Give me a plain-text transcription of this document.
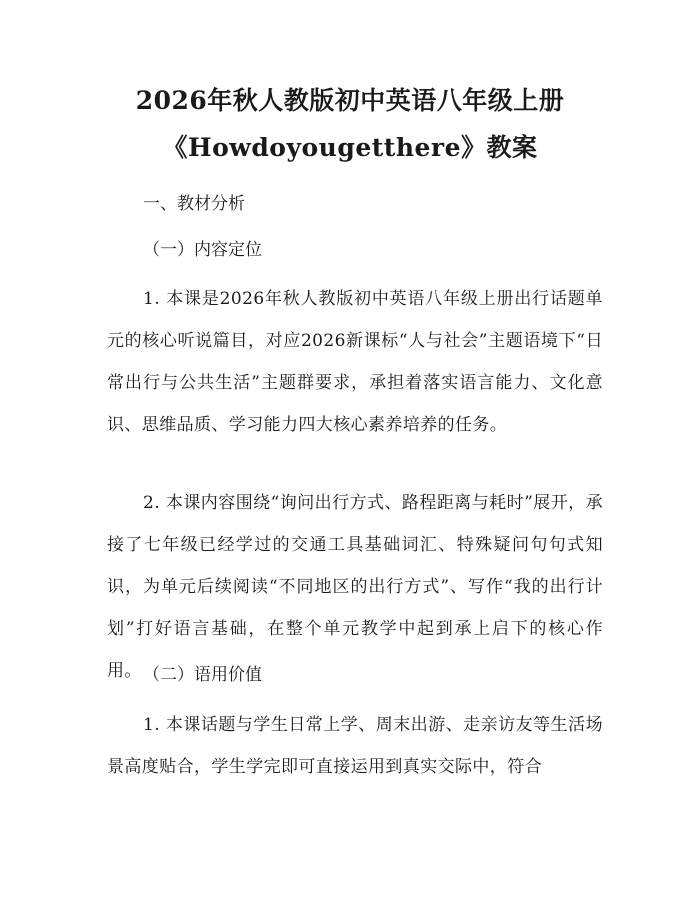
2026年秋人教版初中英语八年级上册
《Howdoyougetthere》教案
一、教材分析
（一）内容定位

1. 本课是2026年秋人教版初中英语八年级上册出行话题单元的核心听说篇目，对应2026新课标“人与社会”主题语境下“日常出行与公共生活”主题群要求，承担着落实语言能力、文化意识、思维品质、学习能力四大核心素养培养的任务。

2. 本课内容围绕“询问出行方式、路程距离与耗时”展开，承接了七年级已经学过的交通工具基础词汇、特殊疑问句句式知识，为单元后续阅读“不同地区的出行方式”、写作“我的出行计划”打好语言基础，在整个单元教学中起到承上启下的核心作用。 （二）语用价值

1. 本课话题与学生日常上学、周末出游、走亲访友等生活场景高度贴合，学生学完即可直接运用到真实交际中，符合
